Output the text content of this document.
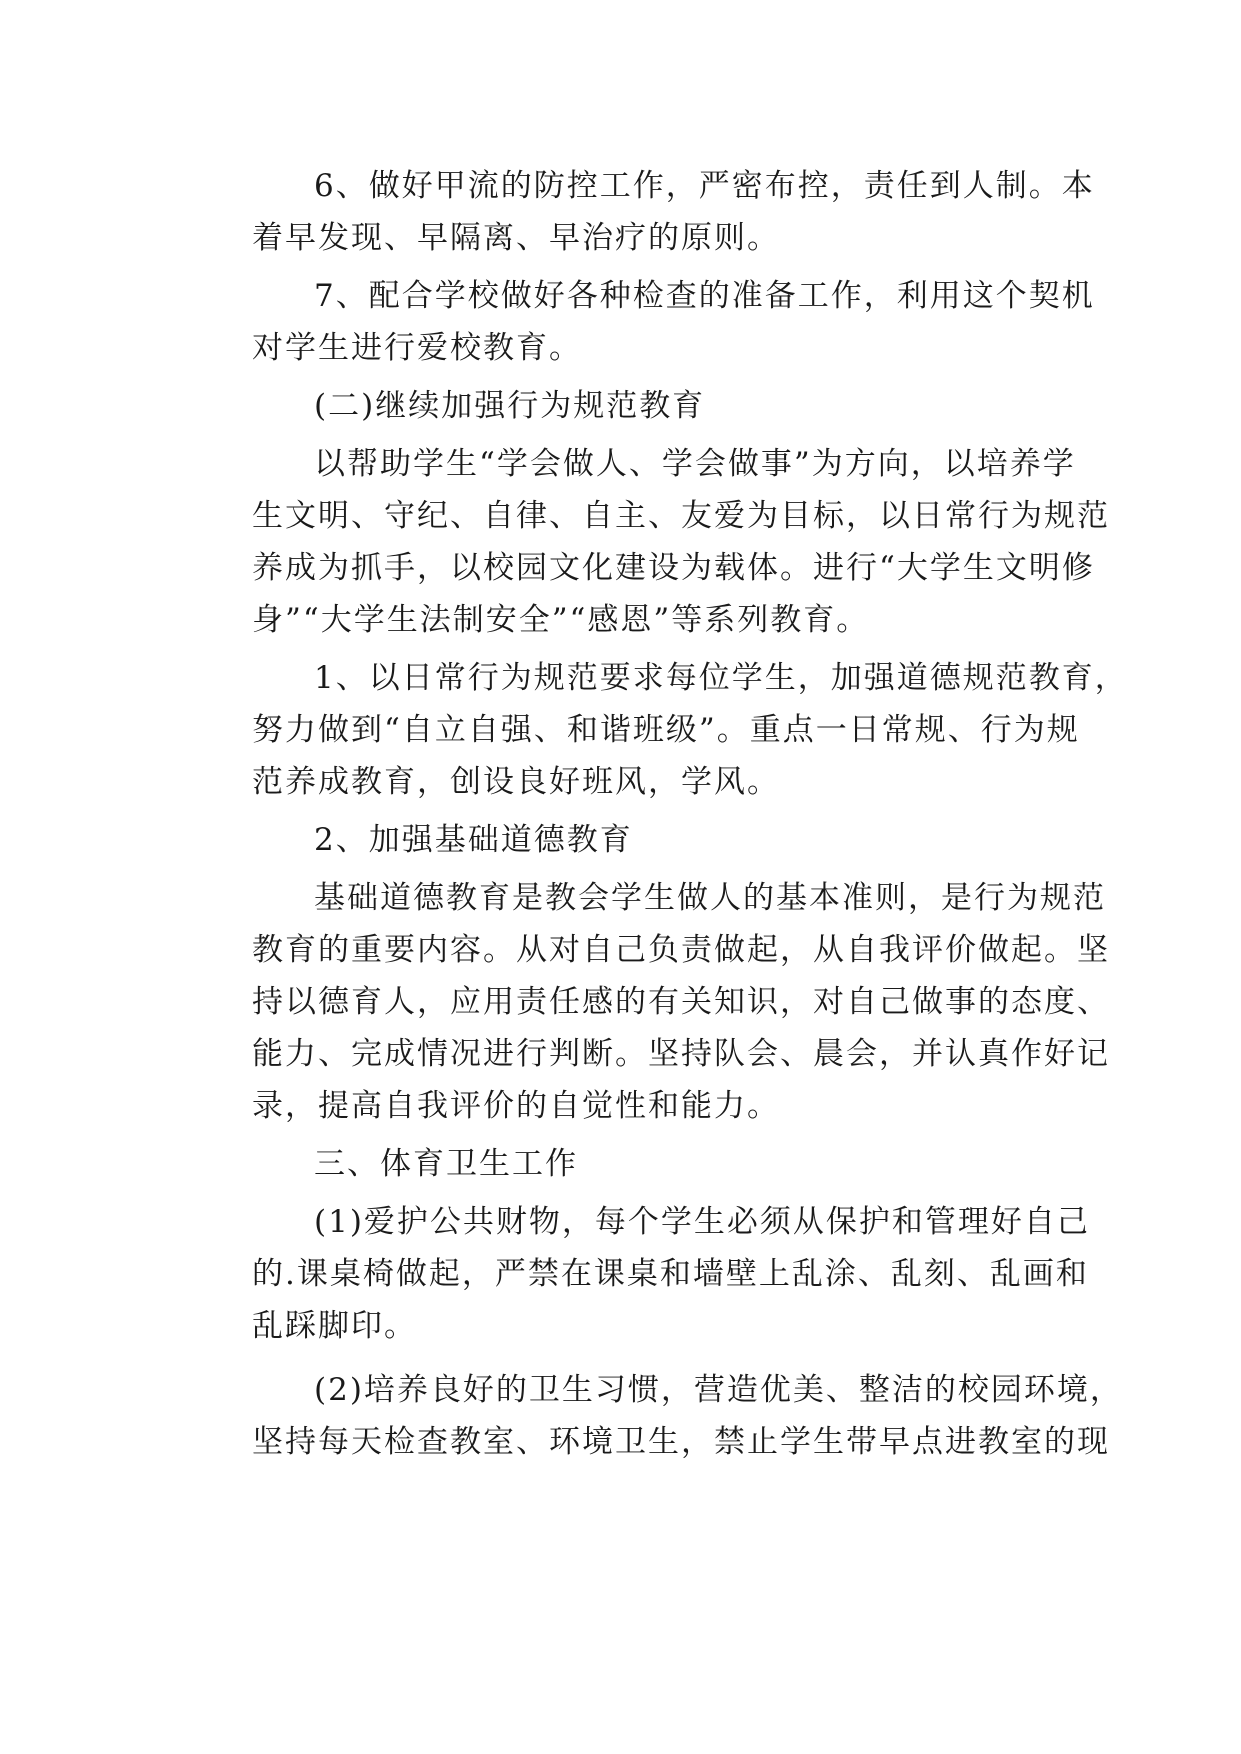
6、做好甲流的防控工作，严密布控，责任到人制。本
着早发现、早隔离、早治疗的原则。
7、配合学校做好各种检查的准备工作，利用这个契机
对学生进行爱校教育。
(二)继续加强行为规范教育
以帮助学生“学会做人、学会做事”为方向，以培养学
生文明、守纪、自律、自主、友爱为目标，以日常行为规范
养成为抓手，以校园文化建设为载体。进行“大学生文明修
身”“大学生法制安全”“感恩”等系列教育。
1、以日常行为规范要求每位学生，加强道德规范教育，
努力做到“自立自强、和谐班级”。重点一日常规、行为规
范养成教育，创设良好班风，学风。
2、加强基础道德教育
基础道德教育是教会学生做人的基本准则，是行为规范
教育的重要内容。从对自己负责做起，从自我评价做起。坚
持以德育人，应用责任感的有关知识，对自己做事的态度、
能力、完成情况进行判断。坚持队会、晨会，并认真作好记
录，提高自我评价的自觉性和能力。
三、体育卫生工作
(1)爱护公共财物，每个学生必须从保护和管理好自己
的.课桌椅做起，严禁在课桌和墙壁上乱涂、乱刻、乱画和
乱踩脚印。
(2)培养良好的卫生习惯，营造优美、整洁的校园环境，
坚持每天检查教室、环境卫生，禁止学生带早点进教室的现
